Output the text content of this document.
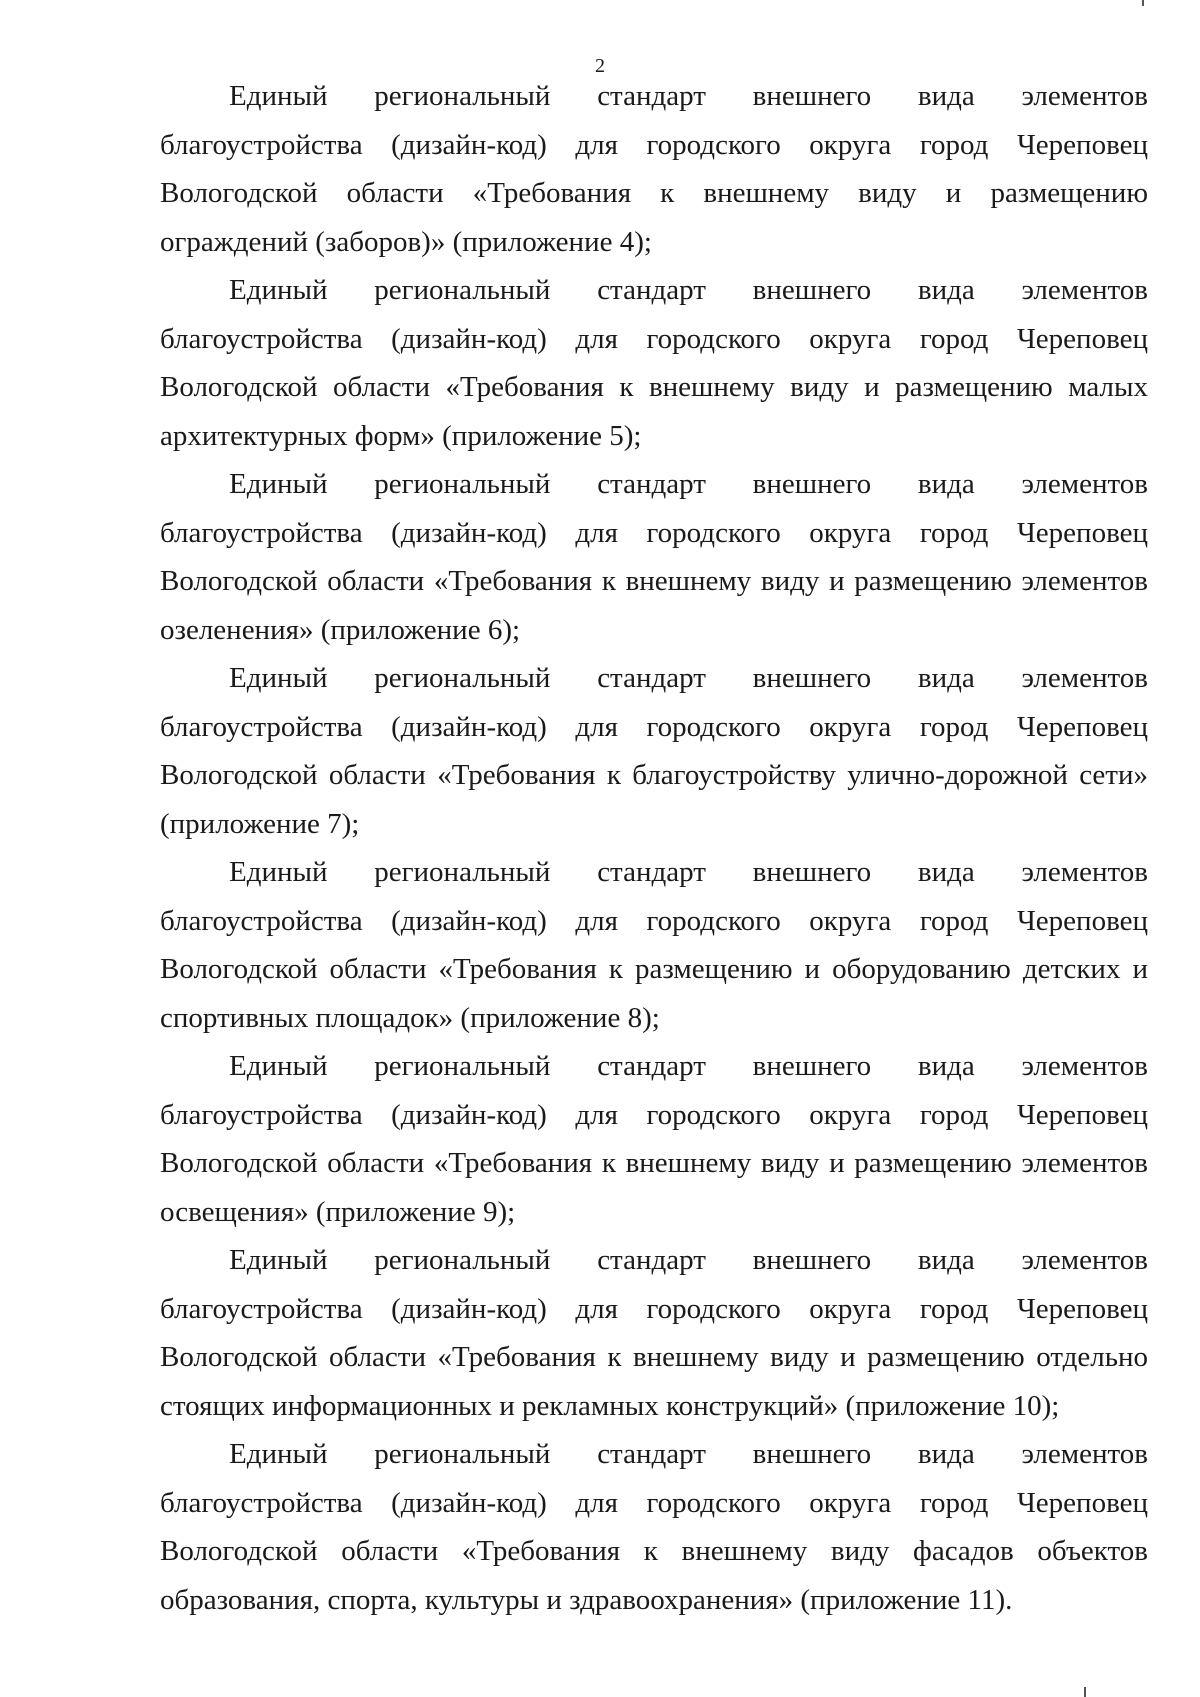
2

Единый региональный стандарт внешнего вида элементов благоустройства (дизайн-код) для городского округа город Череповец Вологодской области «Требования к внешнему виду и размещению ограждений (заборов)» (приложение 4);

Единый региональный стандарт внешнего вида элементов благоустройства (дизайн-код) для городского округа город Череповец Вологодской области «Требования к внешнему виду и размещению малых архитектурных форм» (приложение 5);

Единый региональный стандарт внешнего вида элементов благоустройства (дизайн-код) для городского округа город Череповец Вологодской области «Требования к внешнему виду и размещению элементов озеленения» (приложение 6);

Единый региональный стандарт внешнего вида элементов благоустройства (дизайн-код) для городского округа город Череповец Вологодской области «Требования к благоустройству улично-дорожной сети» (приложение 7);

Единый региональный стандарт внешнего вида элементов благоустройства (дизайн-код) для городского округа город Череповец Вологодской области «Требования к размещению и оборудованию детских и спортивных площадок» (приложение 8);

Единый региональный стандарт внешнего вида элементов благоустройства (дизайн-код) для городского округа город Череповец Вологодской области «Требования к внешнему виду и размещению элементов освещения» (приложение 9);

Единый региональный стандарт внешнего вида элементов благоустройства (дизайн-код) для городского округа город Череповец Вологодской области «Требования к внешнему виду и размещению отдельно стоящих информационных и рекламных конструкций» (приложение 10);

Единый региональный стандарт внешнего вида элементов благоустройства (дизайн-код) для городского округа город Череповец Вологодской области «Требования к внешнему виду фасадов объектов образования, спорта, культуры и здравоохранения» (приложение 11).
